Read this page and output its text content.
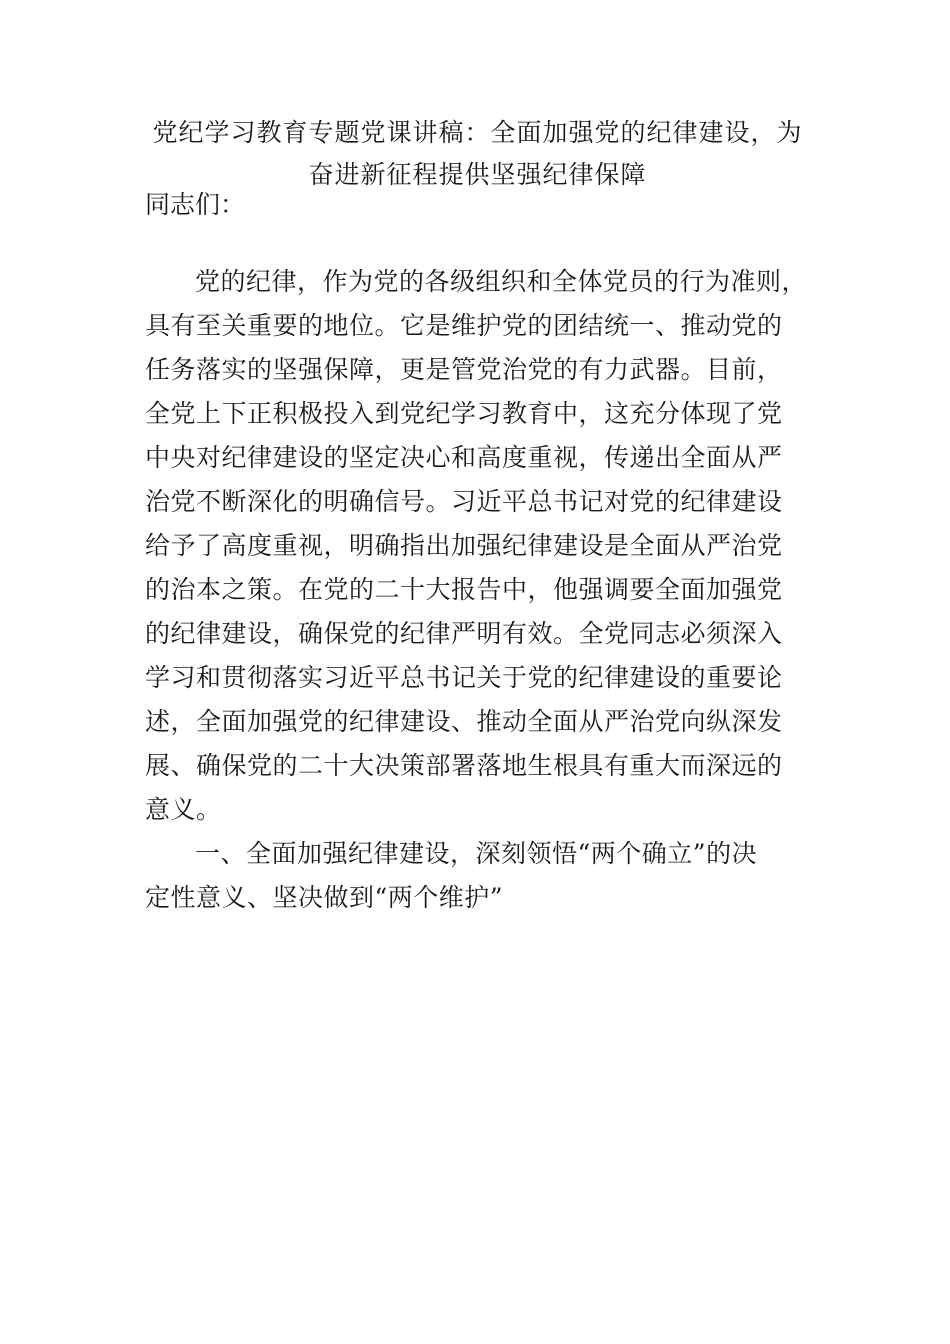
党纪学习教育专题党课讲稿：全面加强党的纪律建设，为
奋进新征程提供坚强纪律保障
同志们：
党的纪律，作为党的各级组织和全体党员的行为准则，
具有至关重要的地位。它是维护党的团结统一、推动党的
任务落实的坚强保障，更是管党治党的有力武器。目前，
全党上下正积极投入到党纪学习教育中，这充分体现了党
中央对纪律建设的坚定决心和高度重视，传递出全面从严
治党不断深化的明确信号。习近平总书记对党的纪律建设
给予了高度重视，明确指出加强纪律建设是全面从严治党
的治本之策。在党的二十大报告中，他强调要全面加强党
的纪律建设，确保党的纪律严明有效。全党同志必须深入
学习和贯彻落实习近平总书记关于党的纪律建设的重要论
述，全面加强党的纪律建设、推动全面从严治党向纵深发
展、确保党的二十大决策部署落地生根具有重大而深远的
意义。
一、全面加强纪律建设，深刻领悟“两个确立”的决
定性意义、坚决做到“两个维护”
